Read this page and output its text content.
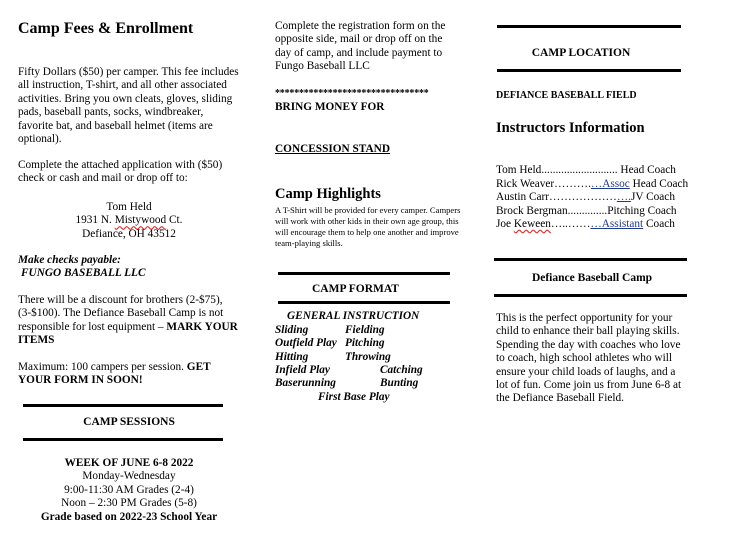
Camp Fees & Enrollment
Fifty Dollars ($50) per camper. This fee includes all instruction, T-shirt, and all other associated activities. Bring you own cleats, gloves, sliding pads, baseball pants, socks, windbreaker, favorite bat, and baseball helmet (items are optional).
Complete the attached application with ($50) check or cash and mail or drop off to:
Tom Held
1931 N. Mistywood Ct.
Defiance, OH 43512
Make checks payable:
FUNGO BASEBALL LLC
There will be a discount for brothers (2-$75), (3-$100). The Defiance Baseball Camp is not responsible for lost equipment – MARK YOUR ITEMS
Maximum: 100 campers per session. GET YOUR FORM IN SOON!
CAMP SESSIONS
WEEK OF JUNE 6-8 2022
Monday-Wednesday
9:00-11:30 AM Grades (2-4)
Noon – 2:30 PM Grades (5-8)
Grade based on 2022-23 School Year
Complete the registration form on the opposite side, mail or drop off on the day of camp, and include payment to Fungo Baseball LLC
********************************
BRING MONEY FOR
CONCESSION STAND
Camp Highlights
A T-Shirt will be provided for every camper. Campers will work with other kids in their own age group, this will encourage them to help one another and improve team-playing skills.
CAMP FORMAT
GENERAL INSTRUCTION
Sliding	Fielding
Outfield Play Pitching
Hitting	Throwing
Infield Play	Catching
Baserunning	Bunting
First Base Play
CAMP LOCATION
DEFIANCE BASEBALL FIELD
Instructors Information
Tom Held........................... Head Coach
Rick Weaver……….…Assoc Head Coach
Austin Carr………………….JV Coach
Brock Bergman..............Pitching Coach
Joe Keween…..………Assistant Coach
Defiance Baseball Camp
This is the perfect opportunity for your child to enhance their ball playing skills. Spending the day with coaches who love to coach, high school athletes who will ensure your child loads of laughs, and a lot of fun. Come join us from June 6-8 at the Defiance Baseball Field.
